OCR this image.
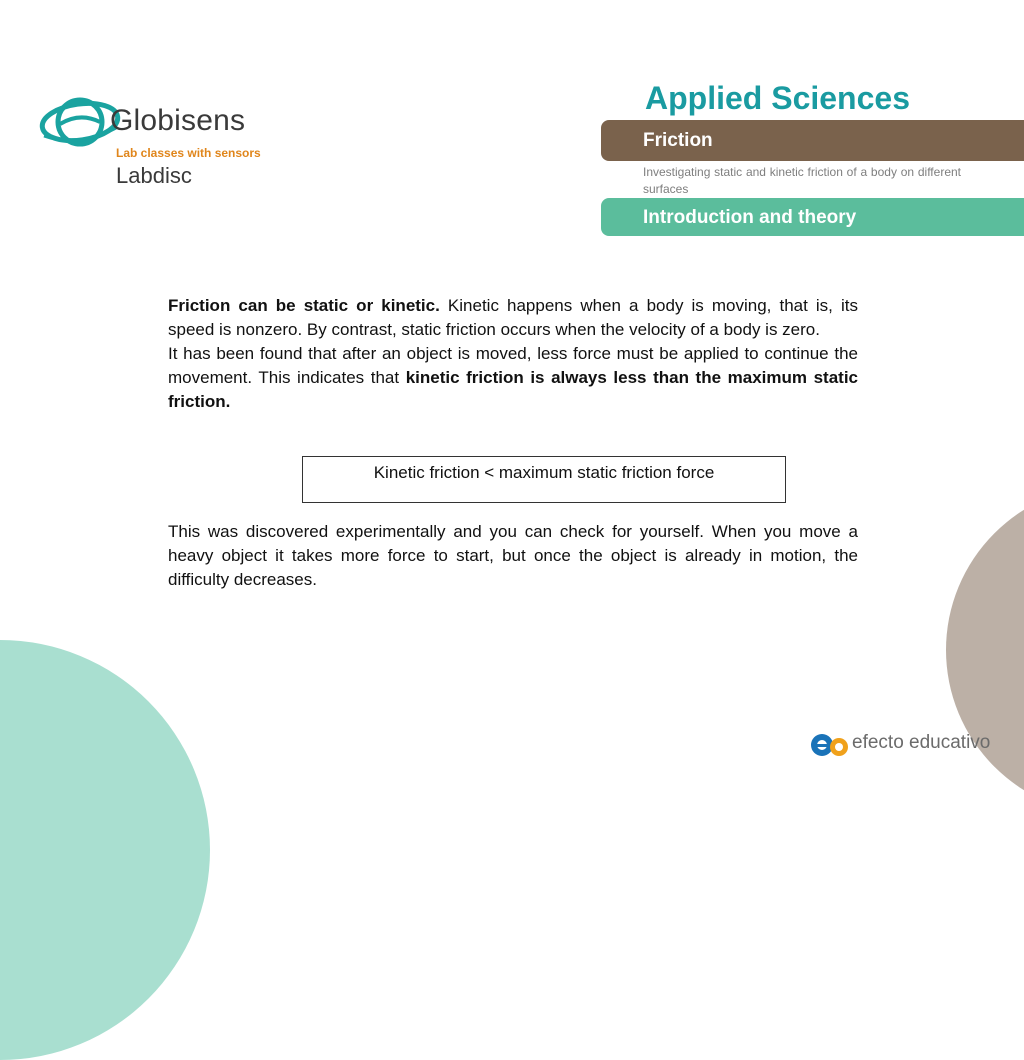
Globisens
Lab classes with sensors
Labdisc
Applied Sciences
Friction
Investigating static and kinetic friction of a body on different surfaces
Introduction and theory

Friction can be static or kinetic. Kinetic happens when a body is moving, that is, its speed is nonzero. By contrast, static friction occurs when the velocity of a body is zero.

It has been found that after an object is moved, less force must be applied to continue the movement. This indicates that kinetic friction is always less than the maximum static friction.

Kinetic friction < maximum static friction force

This was discovered experimentally and you can check for yourself. When you move a heavy object it takes more force to start, but once the object is already in motion, the difficulty decreases.

efecto educativo
